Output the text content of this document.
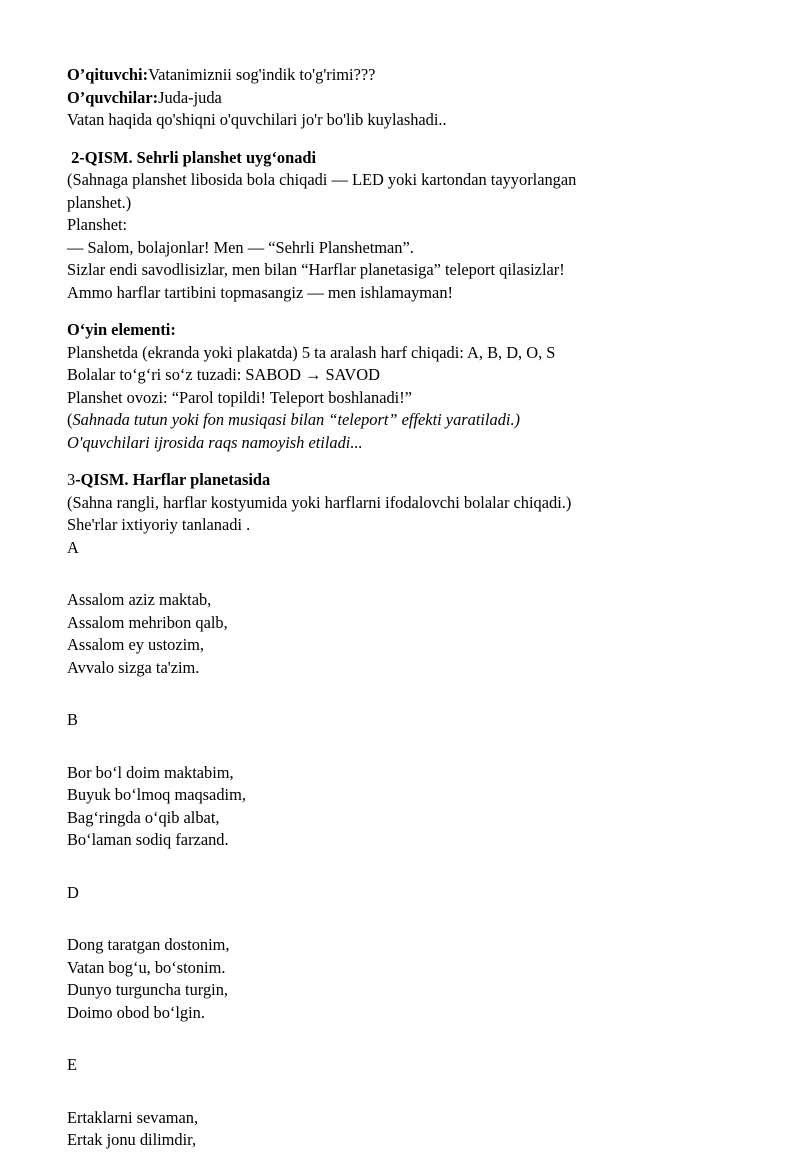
O’qituvchi:Vatanimiznii sog'indik to'g'rimi???
O’quvchilar:Juda-juda
Vatan haqida qo'shiqni o'quvchilari jo'r bo'lib kuylashadi..
2-QISM. Sehrli planshet uyg‘onadi
(Sahnaga planshet libosida bola chiqadi — LED yoki kartondan tayyorlangan
planshet.)
Planshet:
— Salom, bolajonlar! Men — “Sehrli Planshetman”.
Sizlar endi savodlisizlar, men bilan “Harflar planetasiga” teleport qilasizlar!
Ammo harflar tartibini topmasangiz — men ishlamayman!
O‘yin elementi:
Planshetda (ekranda yoki plakatda) 5 ta aralash harf chiqadi: A, B, D, O, S
Bolalar to‘g‘ri so‘z tuzadi: SABOD → SAVOD
Planshet ovozi: “Parol topildi! Teleport boshlanadi!”
(Sahnada tutun yoki fon musiqasi bilan “teleport” effekti yaratiladi.)
O'quvchilari ijrosida raqs namoyish etiladi...
3-QISM. Harflar planetasida
(Sahna rangli, harflar kostyumida yoki harflarni ifodalovchi bolalar chiqadi.)
She'rlar ixtiyoriy tanlanadi .
A
Assalom aziz maktab,
Assalom mehribon qalb,
Assalom ey ustozim,
Avvalo sizga ta'zim.
B
Bor bo‘l doim maktabim,
Buyuk bo‘lmoq maqsadim,
Bag‘ringda o‘qib albat,
Bo‘laman sodiq farzand.
D
Dong taratgan dostonim,
Vatan bog‘u, bo‘stonim.
Dunyo turguncha turgin,
Doimo obod bo‘lgin.
E
Ertaklarni sevaman,
Ertak jonu dilimdir,
